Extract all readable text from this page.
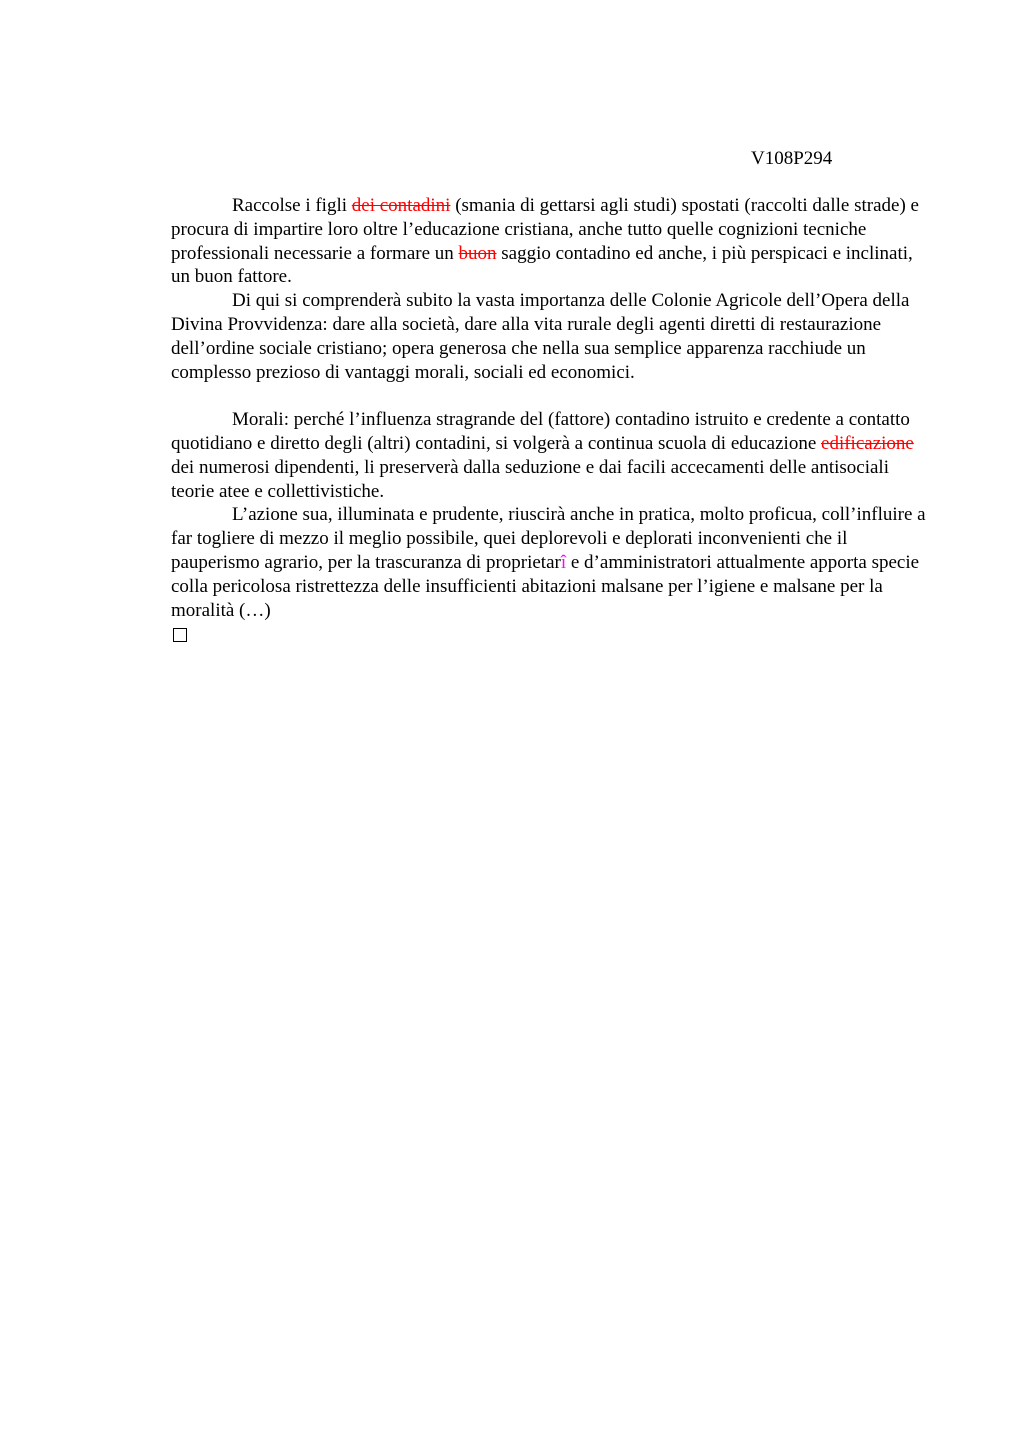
V108P294

Raccolse i figli dei contadini (smania di gettarsi agli studi) spostati (raccolti dalle strade) e procura di impartire loro oltre l’educazione cristiana, anche tutto quelle cognizioni tecniche professionali necessarie a formare un buon saggio contadino ed anche, i più perspicaci e inclinati, un buon fattore.

Di qui si comprenderà subito la vasta importanza delle Colonie Agricole dell’Opera della Divina Provvidenza: dare alla società, dare alla vita rurale degli agenti diretti di restaurazione dell’ordine sociale cristiano; opera generosa che nella sua semplice apparenza racchiude un complesso prezioso di vantaggi morali, sociali ed economici.

Morali: perché l’influenza stragrande del (fattore) contadino istruito e credente a contatto quotidiano e diretto degli (altri) contadini, si volgerà a continua scuola di educazione edificazione dei numerosi dipendenti, li preserverà dalla seduzione e dai facili accecamenti delle antisociali teorie atee e collettivistiche.

L’azione sua, illuminata e prudente, riuscirà anche in pratica, molto proficua, coll’influire a far togliere di mezzo il meglio possibile, quei deplorevoli e deplorati inconvenienti che il pauperismo agrario, per la trascuranza di proprietarî e d’amministratori attualmente apporta specie colla pericolosa ristrettezza delle insufficienti abitazioni malsane per l’igiene e malsane per la moralità (…)
